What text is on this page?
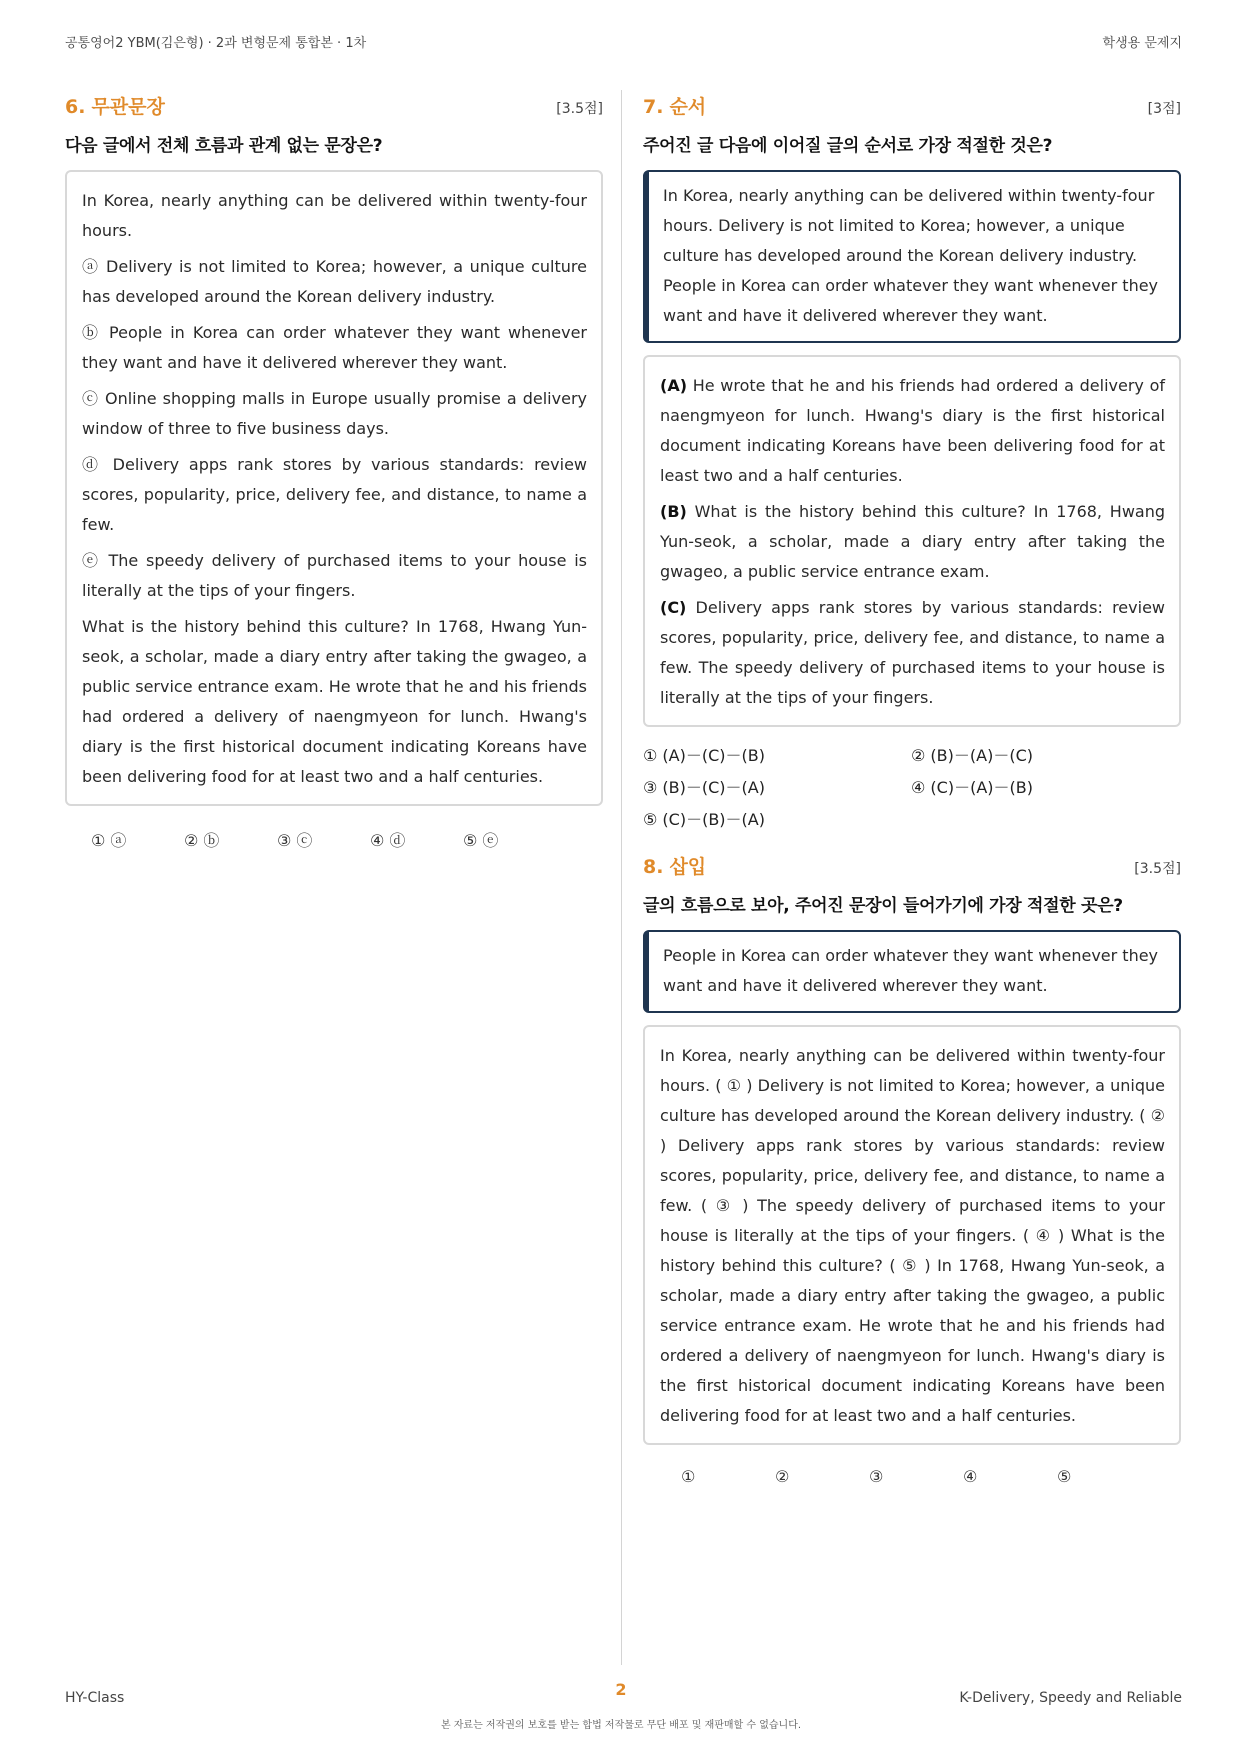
공통영어2 YBM(김은형) · 2과 변형문제 통합본 · 1차	학생용 문제지
6. 무관문장	[3.5점]
다음 글에서 전체 흐름과 관계 없는 문장은?

In Korea, nearly anything can be delivered within twenty-four hours.

ⓐ Delivery is not limited to Korea; however, a unique culture has developed around the Korean delivery industry.

ⓑ People in Korea can order whatever they want whenever they want and have it delivered wherever they want.

ⓒ Online shopping malls in Europe usually promise a delivery window of three to five business days.

ⓓ Delivery apps rank stores by various standards: review scores, popularity, price, delivery fee, and distance, to name a few.

ⓔ The speedy delivery of purchased items to your house is literally at the tips of your fingers.

What is the history behind this culture? In 1768, Hwang Yun-seok, a scholar, made a diary entry after taking the gwageo, a public service entrance exam. He wrote that he and his friends had ordered a delivery of naengmyeon for lunch. Hwang's diary is the first historical document indicating Koreans have been delivering food for at least two and a half centuries.

① ⓐ	② ⓑ	③ ⓒ	④ ⓓ	⑤ ⓔ
7. 순서	[3점]
주어진 글 다음에 이어질 글의 순서로 가장 적절한 것은?
In Korea, nearly anything can be delivered within twenty-four hours. Delivery is not limited to Korea; however, a unique culture has developed around the Korean delivery industry. People in Korea can order whatever they want whenever they want and have it delivered wherever they want.

(A) He wrote that he and his friends had ordered a delivery of naengmyeon for lunch. Hwang's diary is the first historical document indicating Koreans have been delivering food for at least two and a half centuries.

(B) What is the history behind this culture? In 1768, Hwang Yun-seok, a scholar, made a diary entry after taking the gwageo, a public service entrance exam.

(C) Delivery apps rank stores by various standards: review scores, popularity, price, delivery fee, and distance, to name a few. The speedy delivery of purchased items to your house is literally at the tips of your fingers.

① (A)－(C)－(B)	② (B)－(A)－(C)
③ (B)－(C)－(A)	④ (C)－(A)－(B)
⑤ (C)－(B)－(A)
8. 삽입	[3.5점]
글의 흐름으로 보아, 주어진 문장이 들어가기에 가장 적절한 곳은?
People in Korea can order whatever they want whenever they want and have it delivered wherever they want.

In Korea, nearly anything can be delivered within twenty-four hours. ( ① ) Delivery is not limited to Korea; however, a unique culture has developed around the Korean delivery industry. ( ② ) Delivery apps rank stores by various standards: review scores, popularity, price, delivery fee, and distance, to name a few. ( ③ ) The speedy delivery of purchased items to your house is literally at the tips of your fingers. ( ④ ) What is the history behind this culture? ( ⑤ ) In 1768, Hwang Yun-seok, a scholar, made a diary entry after taking the gwageo, a public service entrance exam. He wrote that he and his friends had ordered a delivery of naengmyeon for lunch. Hwang's diary is the first historical document indicating Koreans have been delivering food for at least two and a half centuries.

①	②	③	④	⑤
HY-Class	2	K-Delivery, Speedy and Reliable
본 자료는 저작권의 보호를 받는 합법 저작물로 무단 배포 및 재판매할 수 없습니다.
